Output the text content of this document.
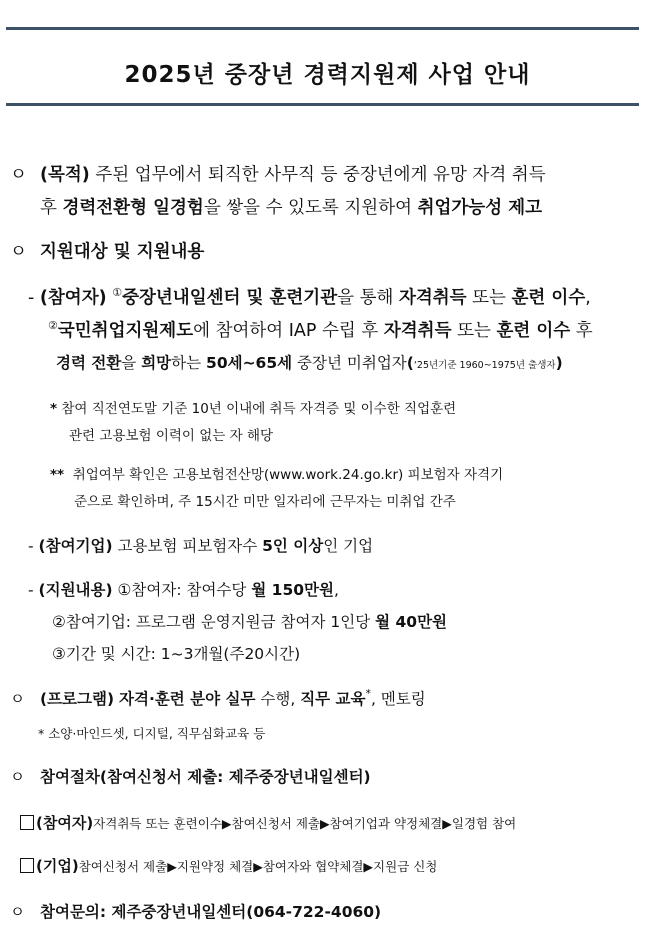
2025년 중장년 경력지원제 사업 안내
ㅇ (목적) 주된 업무에서 퇴직한 사무직 등 중장년에게 유망 자격 취득
후 경력전환형 일경험을 쌓을 수 있도록 지원하여 취업가능성 제고
ㅇ 지원대상 및 지원내용
- (참여자) ①중장년내일센터 및 훈련기관을 통해 자격취득 또는 훈련 이수,
②국민취업지원제도에 참여하여 IAP 수립 후 자격취득 또는 훈련 이수 후
경력 전환을 희망하는 50세~65세 중장년 미취업자(‘25년기준 1960~1975년 출생자)
* 참여 직전연도말 기준 10년 이내에 취득 자격증 및 이수한 직업훈련
관련 고용보험 이력이 없는 자 해당
** 취업여부 확인은 고용보험전산망(www.work.24.go.kr) 피보험자 자격기
준으로 확인하며, 주 15시간 미만 일자리에 근무자는 미취업 간주
- (참여기업) 고용보험 피보험자수 5인 이상인 기업
- (지원내용) ①참여자: 참여수당 월 150만원,
②참여기업: 프로그램 운영지원금 참여자 1인당 월 40만원
③기간 및 시간: 1~3개월(주20시간)
ㅇ (프로그램) 자격·훈련 분야 실무 수행, 직무 교육*, 멘토링
* 소양·마인드셋, 디지털, 직무심화교육 등
ㅇ 참여절차(참여신청서 제출: 제주중장년내일센터)
(참여자)자격취득 또는 훈련이수▶참여신청서 제출▶참여기업과 약정체결▶일경험 참여
(기업)참여신청서 제출▶지원약정 체결▶참여자와 협약체결▶지원금 신청
ㅇ 참여문의: 제주중장년내일센터(064-722-4060)
